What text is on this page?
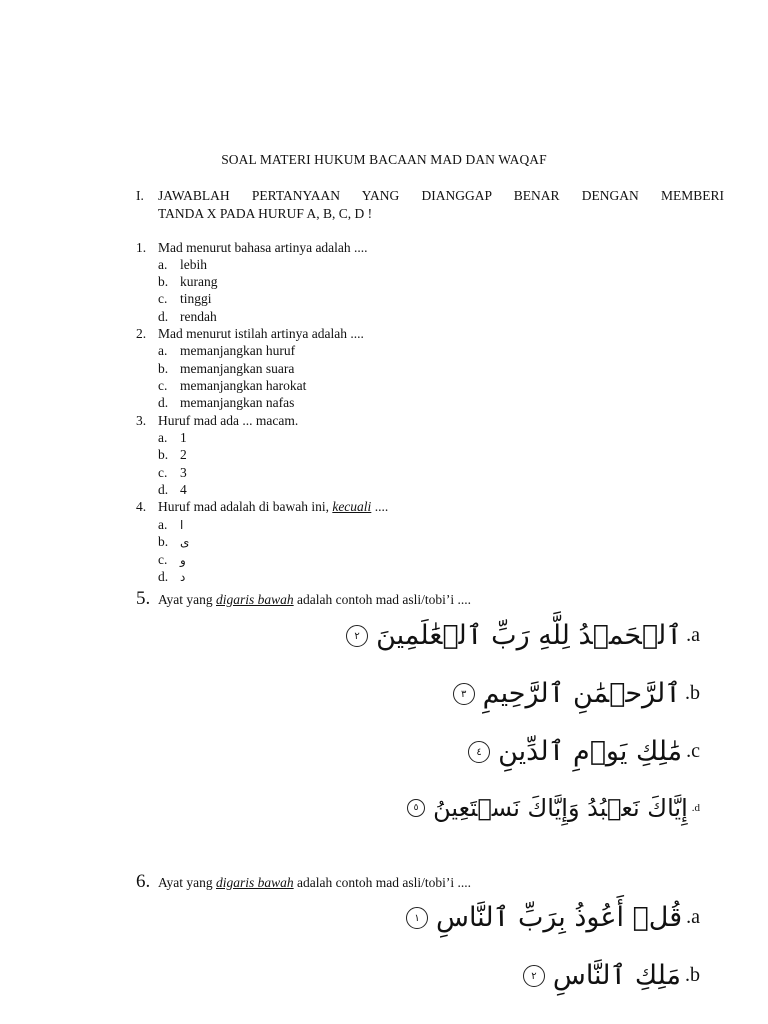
SOAL MATERI HUKUM BACAAN MAD DAN WAQAF
I. JAWABLAH PERTANYAAN YANG DIANGGAP BENAR DENGAN MEMBERI
TANDA X PADA HURUF A, B, C, D !
1. Mad menurut bahasa artinya adalah ....
a. lebih
b. kurang
c. tinggi
d. rendah
2. Mad menurut istilah artinya adalah ....
a. memanjangkan huruf
b. memanjangkan suara
c. memanjangkan harokat
d. memanjangkan nafas
3. Huruf mad ada ... macam.
a. 1
b. 2
c. 3
d. 4
4. Huruf mad adalah di bawah ini, kecuali ....
a. ا
b. ى
c. و
d. د
5. Ayat yang digaris bawah adalah contoh mad asli/tobi’i ....
٢ ٱلۡحَمۡدُ لِلَّهِ رَبِّ ٱلۡعَٰلَمِينَ .a
٣ ٱلرَّحۡمَٰنِ ٱلرَّحِيمِ .b
٤ مَٰلِكِ يَوۡمِ ٱلدِّينِ .c
٥ إِيَّاكَ نَعۡبُدُ وَإِيَّاكَ نَسۡتَعِينُ .d
6. Ayat yang digaris bawah adalah contoh mad asli/tobi’i ....
١ قُلۡ أَعُوذُ بِرَبِّ ٱلنَّاسِ .a
٢ مَلِكِ ٱلنَّاسِ .b
